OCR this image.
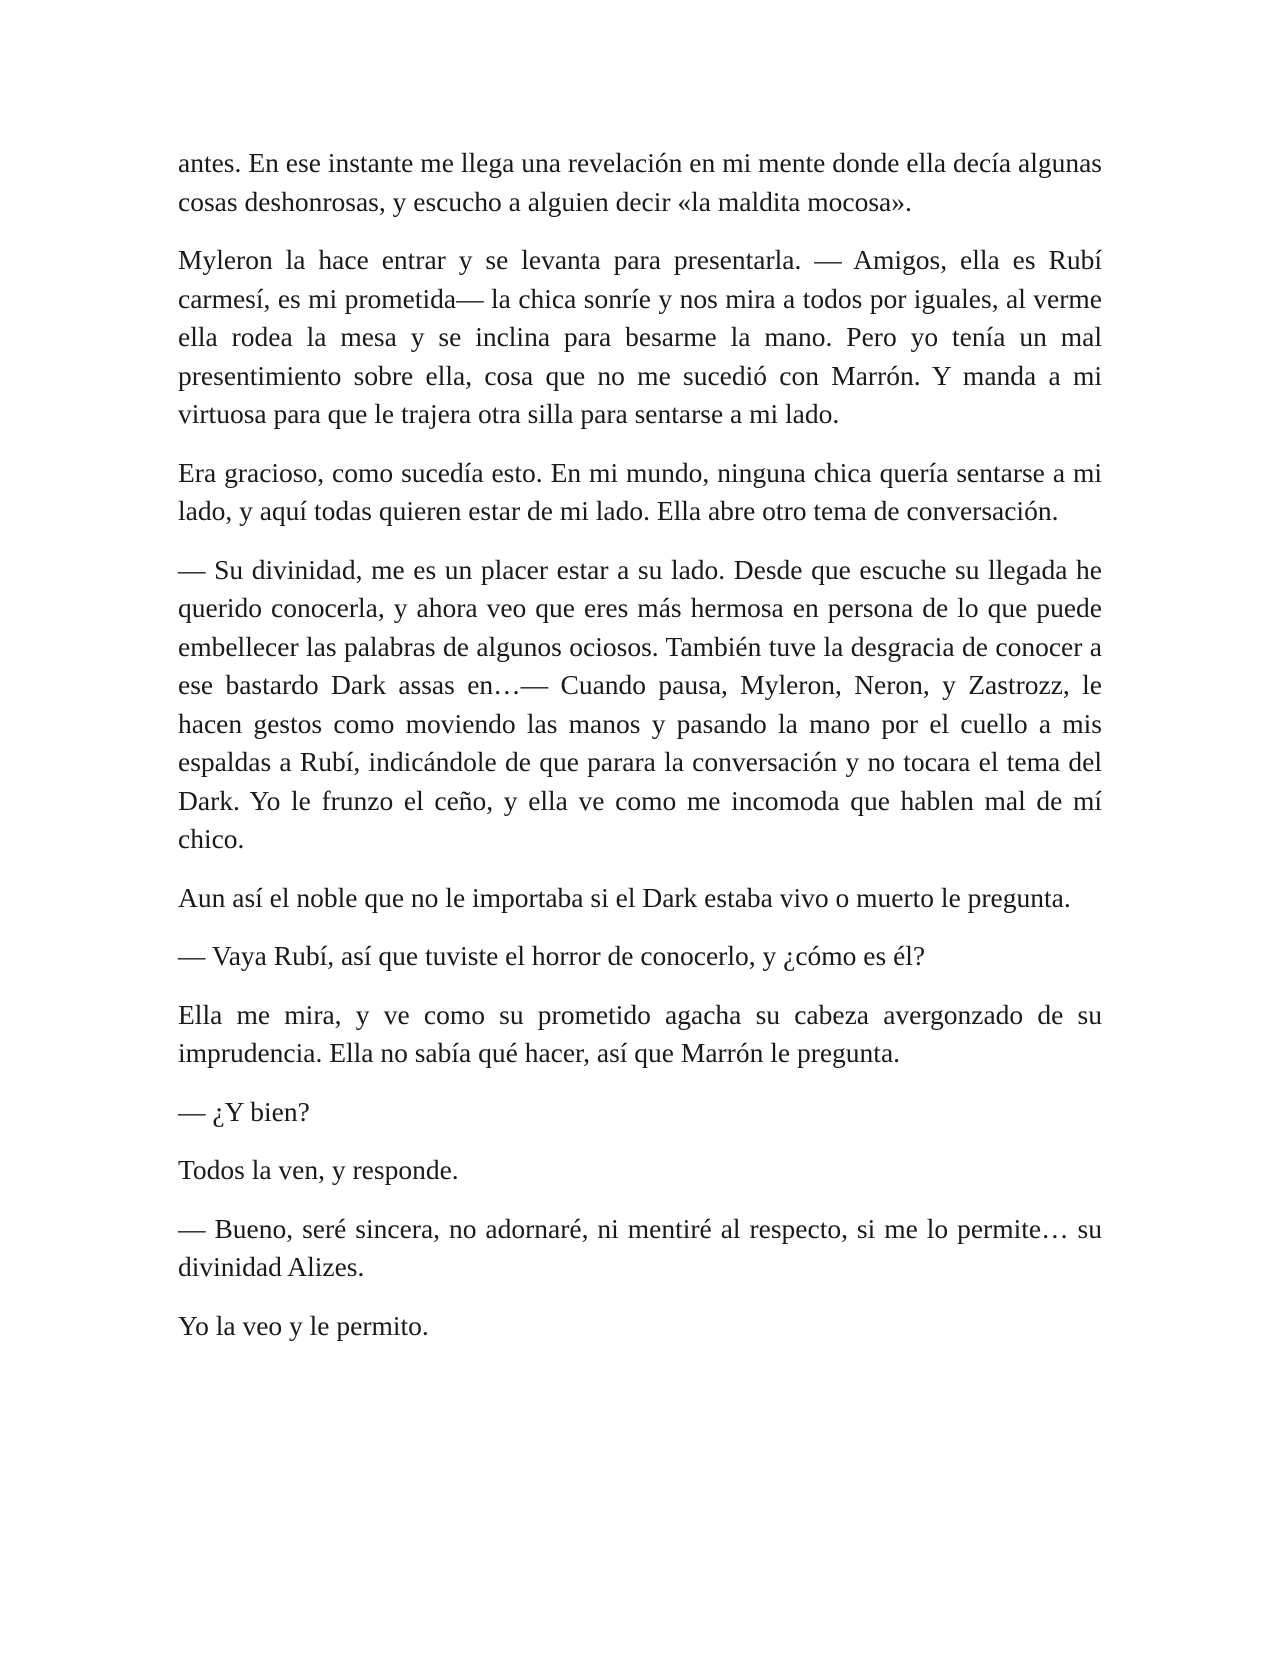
antes. En ese instante me llega una revelación en mi mente donde ella decía algunas cosas deshonrosas, y escucho a alguien decir «la maldita mocosa».

Myleron la hace entrar y se levanta para presentarla. — Amigos, ella es Rubí carmesí, es mi prometida— la chica sonríe y nos mira a todos por iguales, al verme ella rodea la mesa y se inclina para besarme la mano. Pero yo tenía un mal presentimiento sobre ella, cosa que no me sucedió con Marrón. Y manda a mi virtuosa para que le trajera otra silla para sentarse a mi lado.

Era gracioso, como sucedía esto. En mi mundo, ninguna chica quería sentarse a mi lado, y aquí todas quieren estar de mi lado. Ella abre otro tema de conversación.

— Su divinidad, me es un placer estar a su lado. Desde que escuche su llegada he querido conocerla, y ahora veo que eres más hermosa en persona de lo que puede embellecer las palabras de algunos ociosos. También tuve la desgracia de conocer a ese bastardo Dark assas en…— Cuando pausa, Myleron, Neron, y Zastrozz, le hacen gestos como moviendo las manos y pasando la mano por el cuello a mis espaldas a Rubí, indicándole de que parara la conversación y no tocara el tema del Dark. Yo le frunzo el ceño, y ella ve como me incomoda que hablen mal de mí chico.

Aun así el noble que no le importaba si el Dark estaba vivo o muerto le pregunta.

— Vaya Rubí, así que tuviste el horror de conocerlo, y ¿cómo es él?

Ella me mira, y ve como su prometido agacha su cabeza avergonzado de su imprudencia. Ella no sabía qué hacer, así que Marrón le pregunta.

— ¿Y bien?

Todos la ven, y responde.

— Bueno, seré sincera, no adornaré, ni mentiré al respecto, si me lo permite… su divinidad Alizes.

Yo la veo y le permito.
